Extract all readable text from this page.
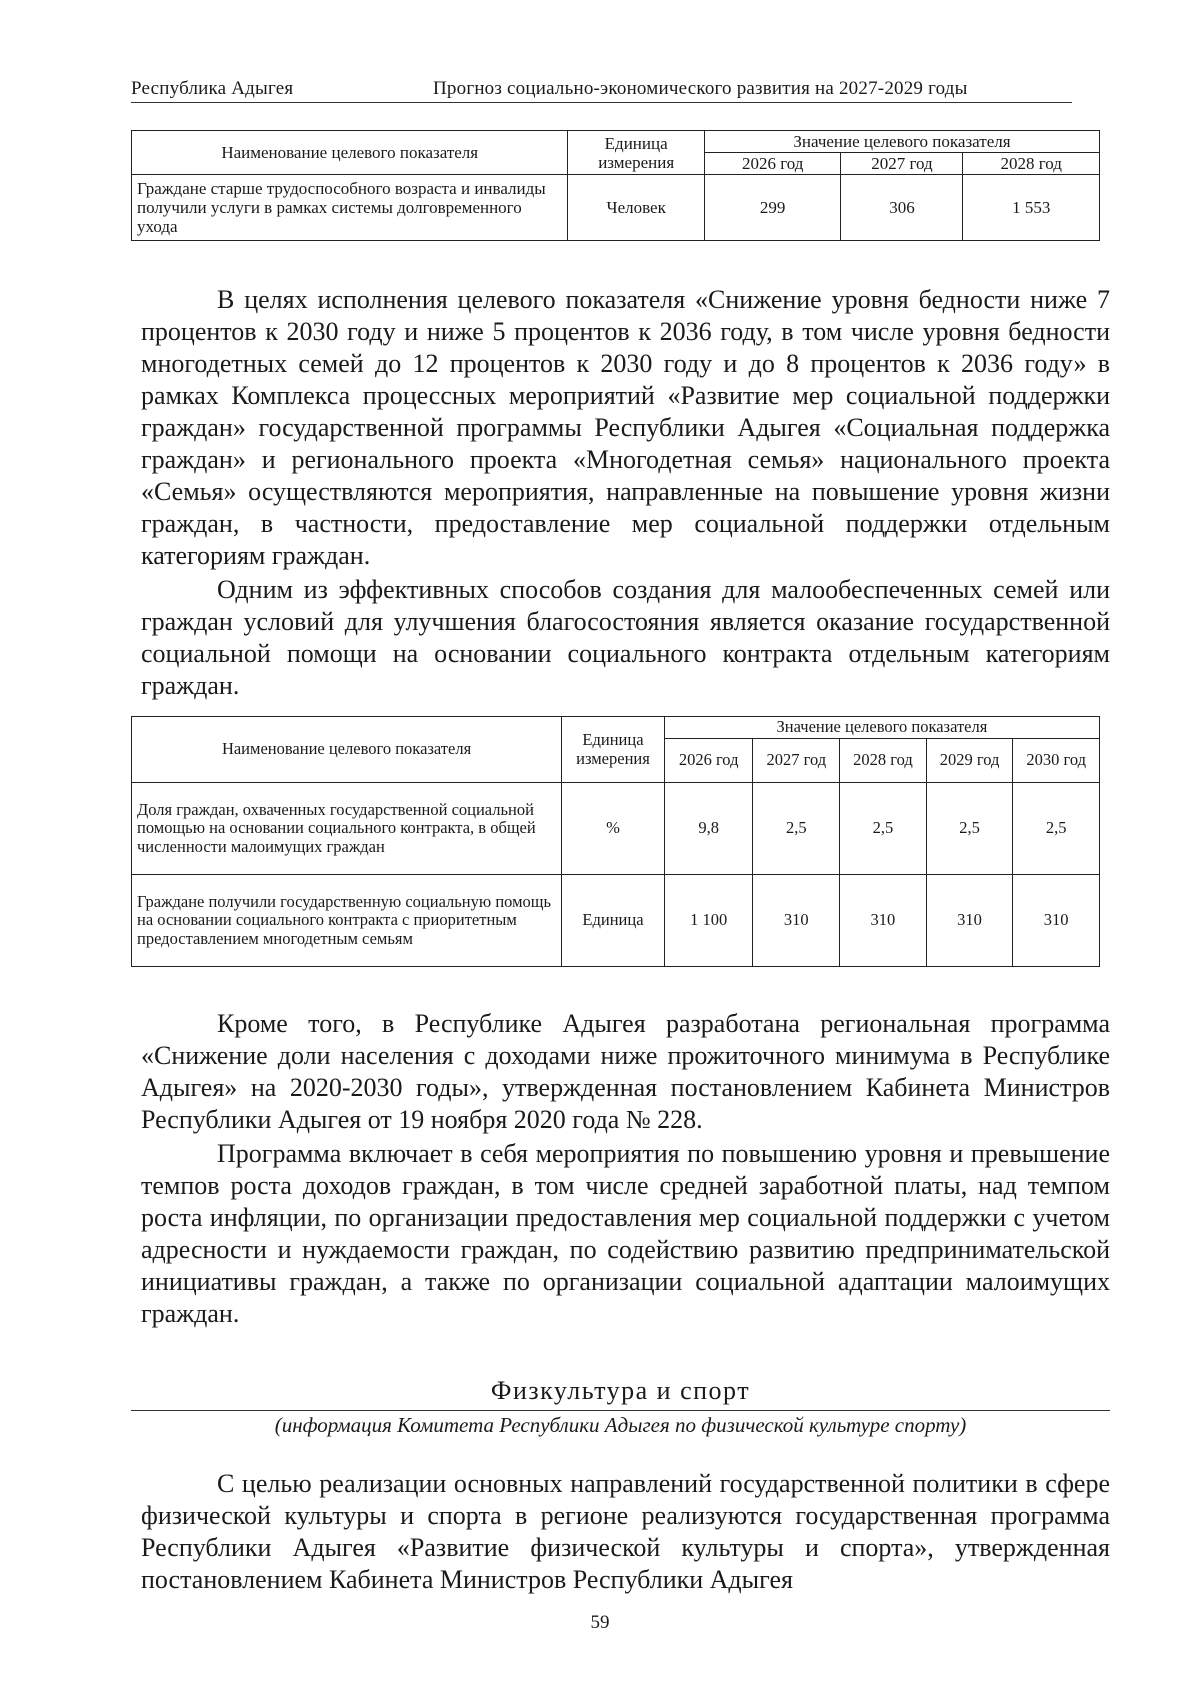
Республика Адыгея	Прогноз социально-экономического развития на 2027-2029 годы
Наименование целевого показателя	Единица измерения	Значение целевого показателя		
		2026 год	2027 год	2028 год
Граждане старше трудоспособного возраста и инвалиды получили услуги в рамках системы долговременного ухода	Человек	299	306	1 553

В целях исполнения целевого показателя «Снижение уровня бедности ниже 7 процентов к 2030 году и ниже 5 процентов к 2036 году, в том числе уровня бедности многодетных семей до 12 процентов к 2030 году и до 8 процентов к 2036 году» в рамках Комплекса процессных мероприятий «Развитие мер социальной поддержки граждан» государственной программы Республики Адыгея «Социальная поддержка граждан» и регионального проекта «Многодетная семья» национального проекта «Семья» осуществляются мероприятия, направленные на повышение уровня жизни граждан, в частности, предоставление мер социальной поддержки отдельным категориям граждан.

Одним из эффективных способов создания для малообеспеченных семей или граждан условий для улучшения благосостояния является оказание государственной социальной помощи на основании социального контракта отдельным категориям граждан.

Наименование целевого показателя	Единица измерения	Значение целевого показателя				
		2026 год	2027 год	2028 год	2029 год	2030 год
Доля граждан, охваченных государственной социальной помощью на основании социального контракта, в общей численности малоимущих граждан	%	9,8	2,5	2,5	2,5	2,5
Граждане получили государственную социальную помощь на основании социального контракта с приоритетным предоставлением многодетным семьям	Единица	1 100	310	310	310	310

Кроме того, в Республике Адыгея разработана региональная программа «Снижение доли населения с доходами ниже прожиточного минимума в Республике Адыгея» на 2020-2030 годы», утвержденная постановлением Кабинета Министров Республики Адыгея от 19 ноября 2020 года № 228.

Программа включает в себя мероприятия по повышению уровня и превышение темпов роста доходов граждан, в том числе средней заработной платы, над темпом роста инфляции, по организации предоставления мер социальной поддержки с учетом адресности и нуждаемости граждан, по содействию развитию предпринимательской инициативы граждан, а также по организации социальной адаптации малоимущих граждан.

Физкультура и спорт
(информация Комитета Республики Адыгея по физической культуре спорту)

С целью реализации основных направлений государственной политики в сфере физической культуры и спорта в регионе реализуются государственная программа Республики Адыгея «Развитие физической культуры и спорта», утвержденная постановлением Кабинета Министров Республики Адыгея

59
